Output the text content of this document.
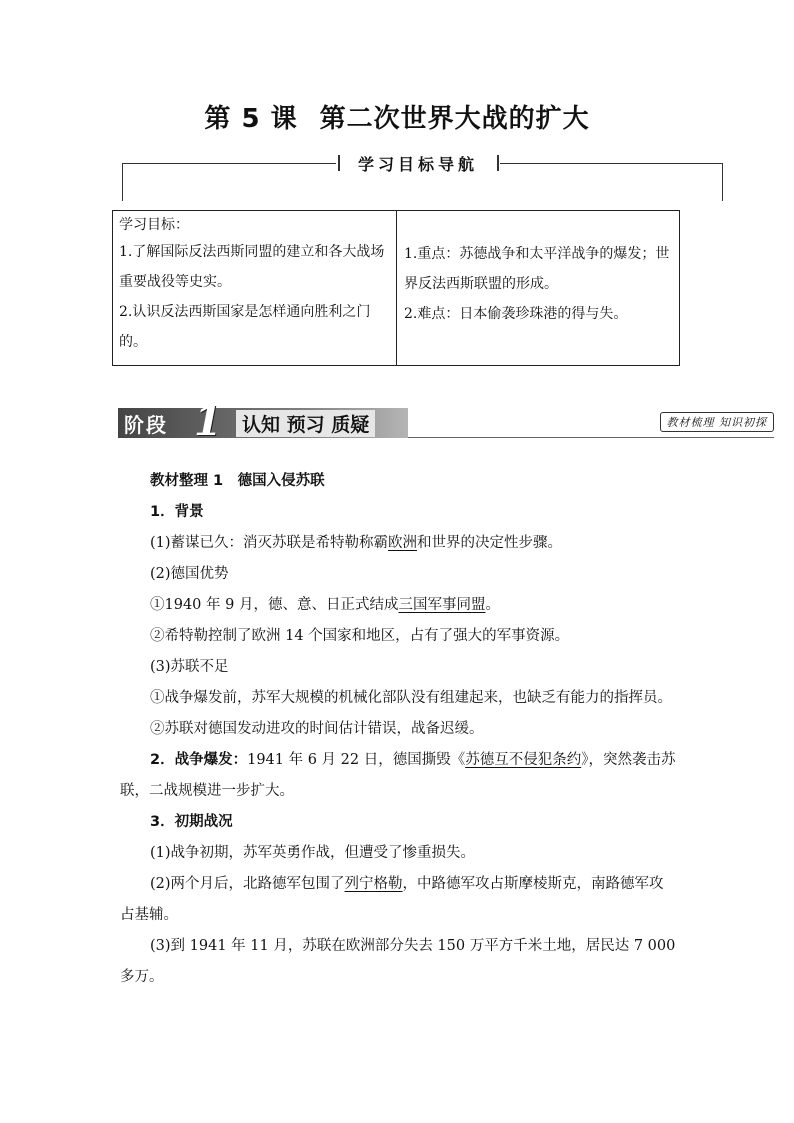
第 5 课 第二次世界大战的扩大
学习目标导航
学习目标：
1.了解国际反法西斯同盟的建立和各大战场重要战役等史实。
2.认识反法西斯国家是怎样通向胜利之门的。
1.重点：苏德战争和太平洋战争的爆发；世界反法西斯联盟的形成。
2.难点：日本偷袭珍珠港的得与失。
阶段 1	认知 预习 质疑	教材梳理 知识初探

教材整理 1　 德国入侵苏联

1．背景

(1)蓄谋已久：消灭苏联是希特勒称霸欧洲和世界的决定性步骤。

(2)德国优势

①1940 年 9 月，德、意、日正式结成三国军事同盟。

②希特勒控制了欧洲 14 个国家和地区，占有了强大的军事资源。

(3)苏联不足

①战争爆发前，苏军大规模的机械化部队没有组建起来，也缺乏有能力的指挥员。

②苏联对德国发动进攻的时间估计错误，战备迟缓。

2．战争爆发：1941 年 6 月 22 日，德国撕毁《苏德互不侵犯条约》，突然袭击苏联，二战规模进一步扩大。

3．初期战况

(1)战争初期，苏军英勇作战，但遭受了惨重损失。

(2)两个月后，北路德军包围了列宁格勒，中路德军攻占斯摩棱斯克，南路德军攻占基辅。

(3)到 1941 年 11 月，苏联在欧洲部分失去 150 万平方千米土地，居民达 7 000 多万。
